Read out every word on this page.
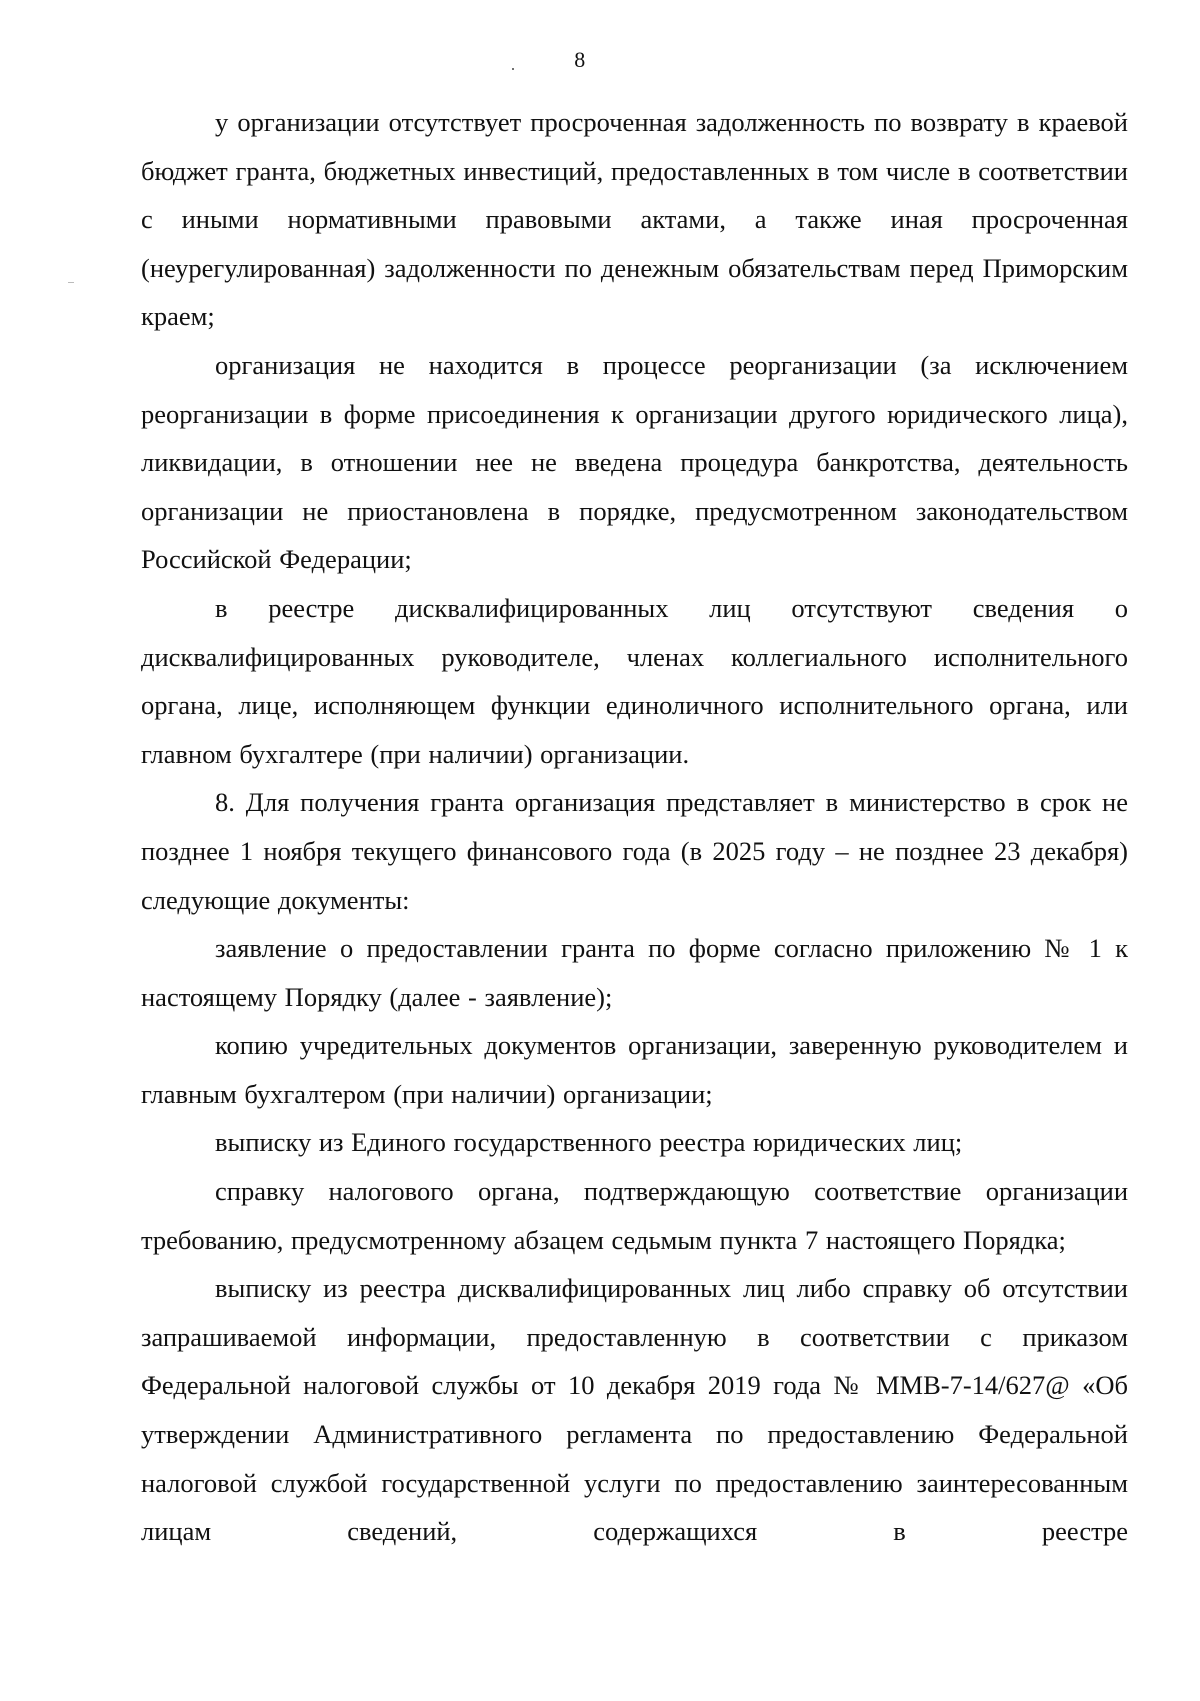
8

у организации отсутствует просроченная задолженность по возврату в краевой бюджет гранта, бюджетных инвестиций, предоставленных в том числе в соответствии с иными нормативными правовыми актами, а также иная просроченная (неурегулированная) задолженности по денежным обязательствам перед Приморским краем;

организация не находится в процессе реорганизации (за исключением реорганизации в форме присоединения к организации другого юридического лица), ликвидации, в отношении нее не введена процедура банкротства, деятельность организации не приостановлена в порядке, предусмотренном законодательством Российской Федерации;

в реестре дисквалифицированных лиц отсутствуют сведения о дисквалифицированных руководителе, членах коллегиального исполнительного органа, лице, исполняющем функции единоличного исполнительного органа, или главном бухгалтере (при наличии) организации.

8. Для получения гранта организация представляет в министерство в срок не позднее 1 ноября текущего финансового года (в 2025 году – не позднее 23 декабря) следующие документы:

заявление о предоставлении гранта по форме согласно приложению № 1 к настоящему Порядку (далее - заявление);

копию учредительных документов организации, заверенную руководителем и главным бухгалтером (при наличии) организации;

выписку из Единого государственного реестра юридических лиц;

справку налогового органа, подтверждающую соответствие организации требованию, предусмотренному абзацем седьмым пункта 7 настоящего Порядка;

выписку из реестра дисквалифицированных лиц либо справку об отсутствии запрашиваемой информации, предоставленную в соответствии с приказом Федеральной налоговой службы от 10 декабря 2019 года № ММВ-7-14/627@ «Об утверждении Административного регламента по предоставлению Федеральной налоговой службой государственной услуги по предоставлению заинтересованным лицам сведений, содержащихся в реестре
